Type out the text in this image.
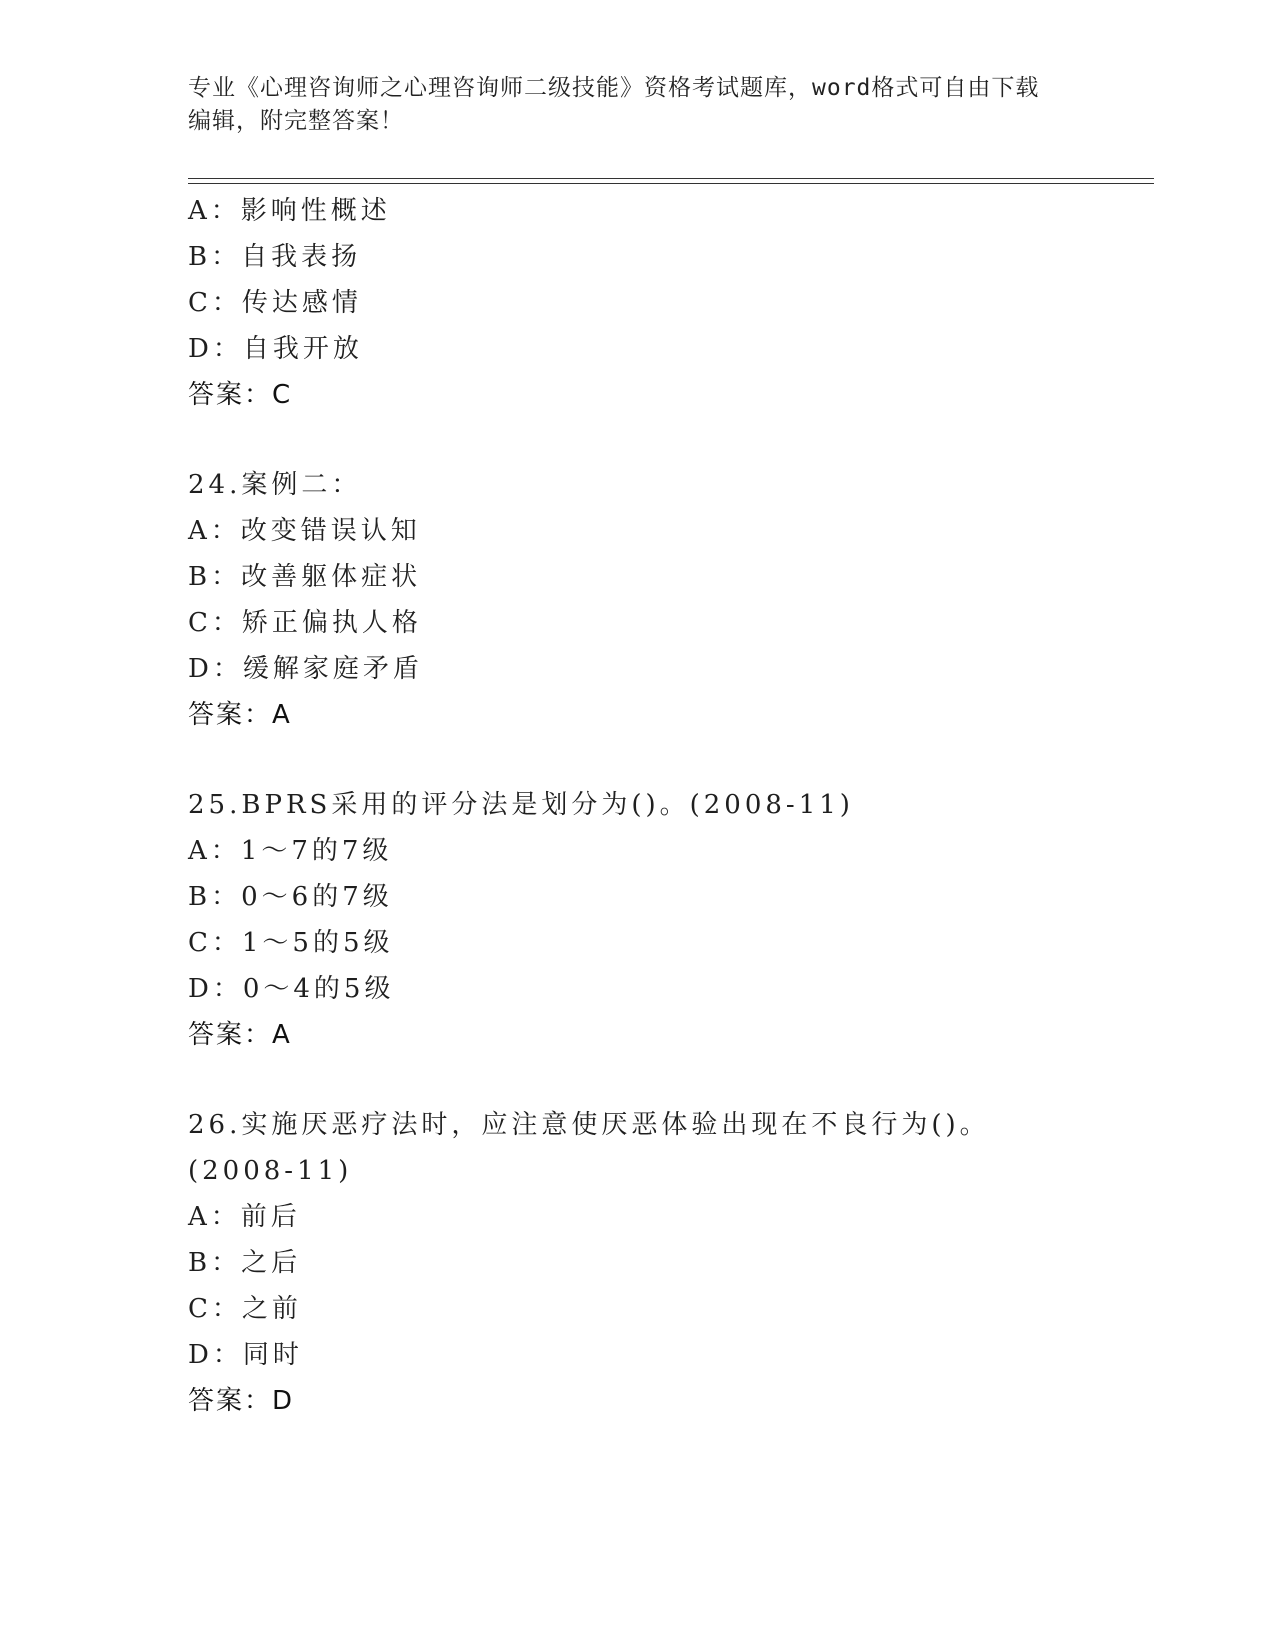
专业《心理咨询师之心理咨询师二级技能》资格考试题库，word格式可自由下载
编辑，附完整答案！
A：影响性概述
B：自我表扬
C：传达感情
D：自我开放
答案：C
24.案例二：
A：改变错误认知
B：改善躯体症状
C：矫正偏执人格
D：缓解家庭矛盾
答案：A
25.BPRS采用的评分法是划分为()。(2008-11)
A：1～7的7级
B：0～6的7级
C：1～5的5级
D：0～4的5级
答案：A
26.实施厌恶疗法时，应注意使厌恶体验出现在不良行为()。(2008-11)
A：前后
B：之后
C：之前
D：同时
答案：D
